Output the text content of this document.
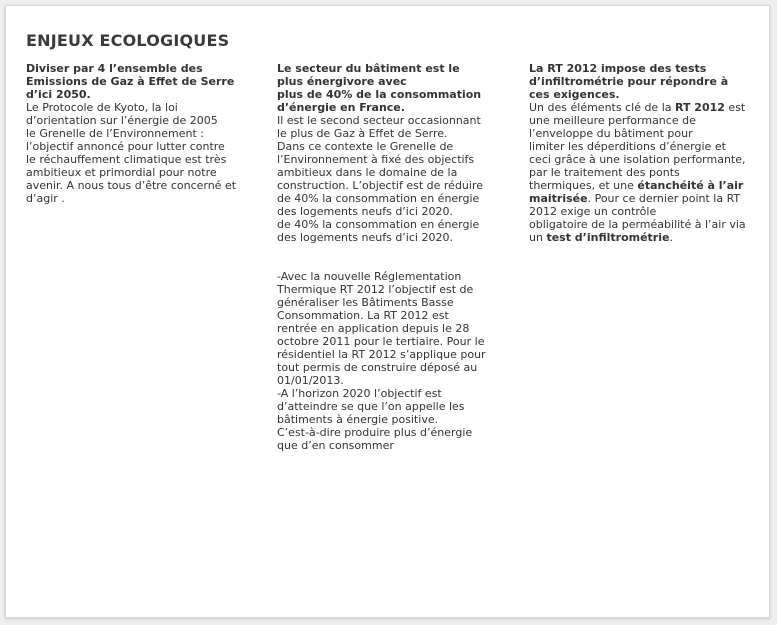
ENJEUX ECOLOGIQUES
Diviser par 4 l’ensemble des
Emissions de Gaz à Effet de Serre
d’ici 2050.
Le Protocole de Kyoto, la loi
d’orientation sur l’énergie de 2005
le Grenelle de l’Environnement :
l’objectif annoncé pour lutter contre
le réchauffement climatique est très
ambitieux et primordial pour notre
avenir. A nous tous d’être concerné et
d’agir .
Le secteur du bâtiment est le
plus énergivore avec
plus de 40% de la consommation
d’énergie en France.
Il est le second secteur occasionnant
le plus de Gaz à Effet de Serre.
Dans ce contexte le Grenelle de
l’Environnement à fixé des objectifs
ambitieux dans le domaine de la
construction. L’objectif est de réduire
de 40% la consommation en énergie
des logements neufs d’ici 2020.
de 40% la consommation en énergie
des logements neufs d’ici 2020.
-Avec la nouvelle Réglementation
Thermique RT 2012 l’objectif est de
généraliser les Bâtiments Basse
Consommation. La RT 2012 est
rentrée en application depuis le 28
octobre 2011 pour le tertiaire. Pour le
résidentiel la RT 2012 s’applique pour
tout permis de construire déposé au
01/01/2013.
-A l’horizon 2020 l’objectif est
d’atteindre se que l’on appelle les
bâtiments à énergie positive.
C’est-à-dire produire plus d’énergie
que d’en consommer
La RT 2012 impose des tests
d’infiltrométrie pour répondre à
ces exigences.
Un des éléments clé de la RT 2012 est
une meilleure performance de
l’enveloppe du bâtiment pour
limiter les déperditions d’énergie et
ceci grâce à une isolation performante,
par le traitement des ponts
thermiques, et une étanchéité à l’air
maitrisée. Pour ce dernier point la RT
2012 exige un contrôle
obligatoire de la perméabilité à l’air via
un test d’infiltrométrie.
